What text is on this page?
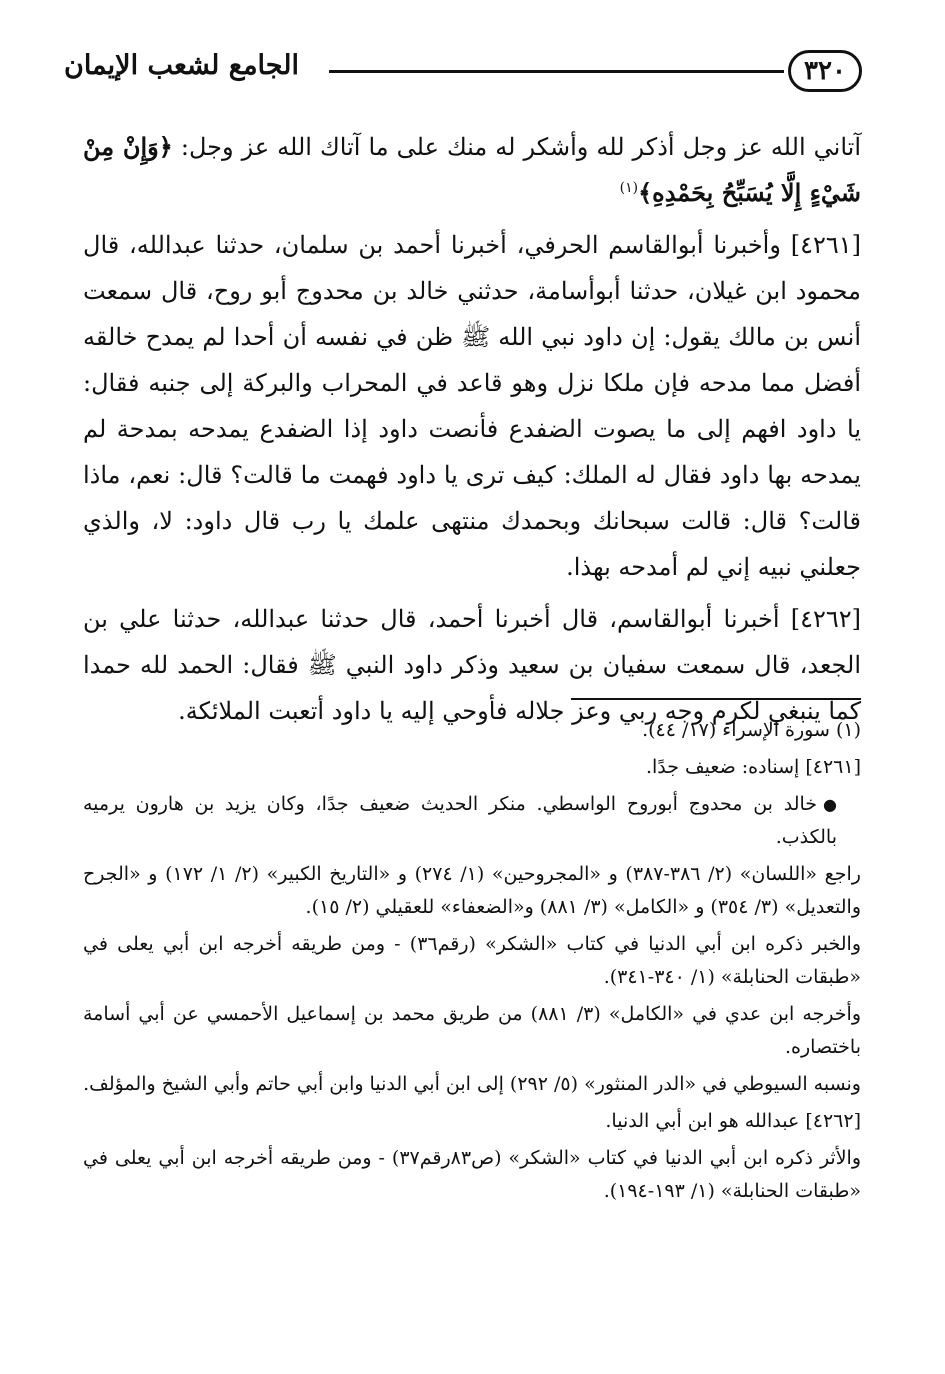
٣٢٠
الجامع لشعب الإيمان

آتاني الله عز وجل أذكر لله وأشكر له منك على ما آتاك الله عز وجل: ﴿وَإِنْ مِنْ شَيْءٍ إِلَّا يُسَبِّحُ بِحَمْدِهِ﴾$^{(١)}$

[٤٢٦١] وأخبرنا أبوالقاسم الحرفي، أخبرنا أحمد بن سلمان، حدثنا عبدالله، قال محمود ابن غيلان، حدثنا أبوأسامة، حدثني خالد بن محدوج أبو روح، قال سمعت أنس بن مالك يقول: إن داود نبي الله ﷺ ظن في نفسه أن أحدا لم يمدح خالقه أفضل مما مدحه فإن ملكا نزل وهو قاعد في المحراب والبركة إلى جنبه فقال: يا داود افهم إلى ما يصوت الضفدع فأنصت داود إذا الضفدع يمدحه بمدحة لم يمدحه بها داود فقال له الملك: كيف ترى يا داود فهمت ما قالت؟ قال: نعم، ماذا قالت؟ قال: قالت سبحانك وبحمدك منتهى علمك يا رب قال داود: لا، والذي جعلني نبيه إني لم أمدحه بهذا.

[٤٢٦٢] أخبرنا أبوالقاسم، قال أخبرنا أحمد، قال حدثنا عبدالله، حدثنا علي بن الجعد، قال سمعت سفيان بن سعيد وذكر داود النبي ﷺ فقال: الحمد لله حمدا كما ينبغي لكرم وجه ربي وعز جلاله فأوحي إليه يا داود أتعبت الملائكة.

(١) سورة الإسراء (١٧/ ٤٤).

[٤٢٦١] إسناده: ضعيف جدًا.

●خالد بن محدوج أبوروح الواسطي. منكر الحديث ضعيف جدًا، وكان يزيد بن هارون يرميه بالكذب.

راجع «اللسان» (٢/ ٣٨٦-٣٨٧) و «المجروحين» (١/ ٢٧٤) و «التاريخ الكبير» (٢/ ١/ ١٧٢) و «الجرح والتعديل» (٣/ ٣٥٤) و «الكامل» (٣/ ٨٨١) و«الضعفاء» للعقيلي (٢/ ١٥).

والخبر ذكره ابن أبي الدنيا في كتاب «الشكر» (رقم٣٦) - ومن طريقه أخرجه ابن أبي يعلى في «طبقات الحنابلة» (١/ ٣٤٠-٣٤١).

وأخرجه ابن عدي في «الكامل» (٣/ ٨٨١) من طريق محمد بن إسماعيل الأحمسي عن أبي أسامة باختصاره.

ونسبه السيوطي في «الدر المنثور» (٥/ ٢٩٢) إلى ابن أبي الدنيا وابن أبي حاتم وأبي الشيخ والمؤلف.

[٤٢٦٢] عبدالله هو ابن أبي الدنيا.

والأثر ذكره ابن أبي الدنيا في كتاب «الشكر» (ص٨٣رقم٣٧) - ومن طريقه أخرجه ابن أبي يعلى في «طبقات الحنابلة» (١/ ١٩٣-١٩٤).
